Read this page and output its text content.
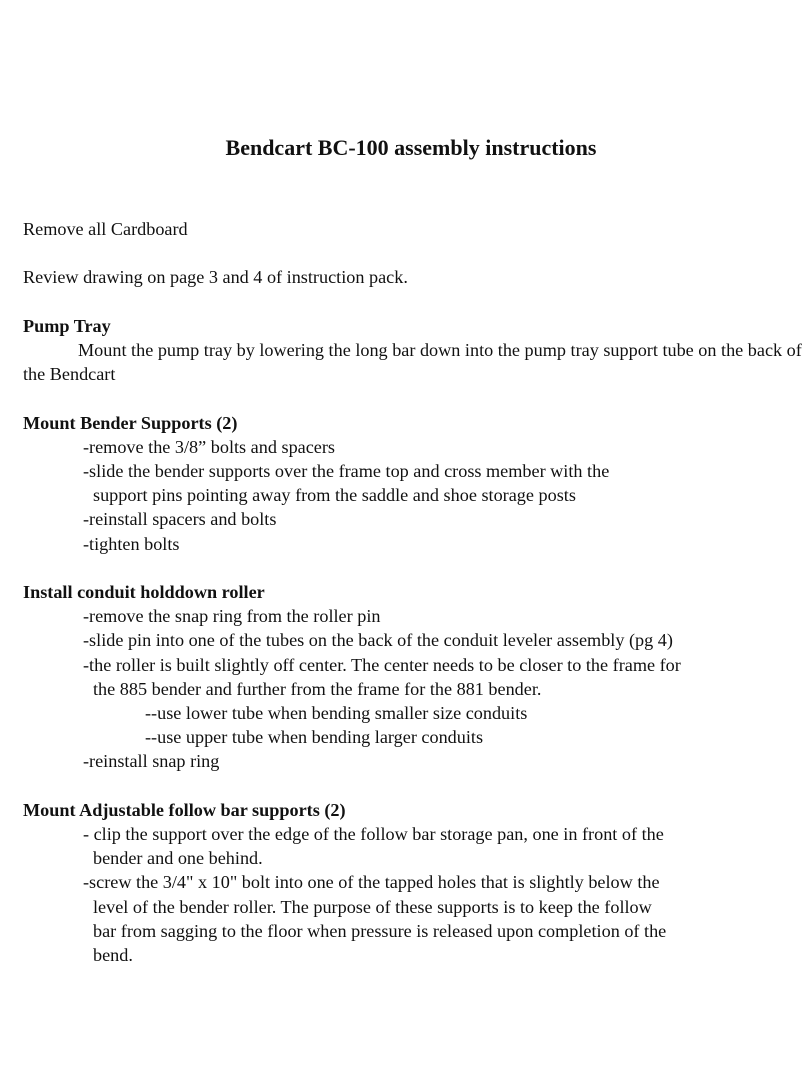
Bendcart BC-100 assembly instructions

Remove all Cardboard

Review drawing on page 3 and 4 of instruction pack.

Pump Tray

Mount the pump tray by lowering the long bar down into the pump tray support tube on the back of the Bendcart

Mount Bender Supports (2)

-remove the 3/8” bolts and spacers

-slide the bender supports over the frame top and cross member with the

support pins pointing away from the saddle and shoe storage posts

-reinstall spacers and bolts

-tighten bolts

Install conduit holddown roller

-remove the snap ring from the roller pin

-slide pin into one of the tubes on the back of the conduit leveler assembly (pg 4)

-the roller is built slightly off center. The center needs to be closer to the frame for

the 885 bender and further from the frame for the 881 bender.

--use lower tube when bending smaller size conduits

--use upper tube when bending larger conduits

-reinstall snap ring

Mount Adjustable follow bar supports (2)

- clip the support over the edge of the follow bar storage pan, one in front of the

bender and one behind.

-screw the 3/4" x 10" bolt into one of the tapped holes that is slightly below the

level of the bender roller. The purpose of these supports is to keep the follow

bar from sagging to the floor when pressure is released upon completion of the

bend.
